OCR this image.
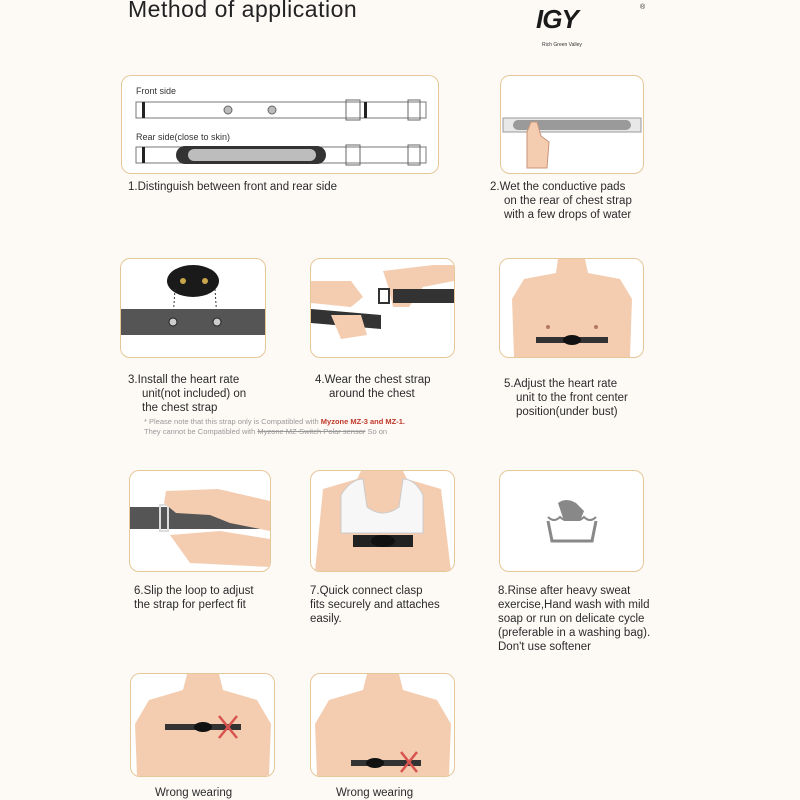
Method of application	IGY	®
Rich Green Valley
Front side
Rear side(close to skin)
1.Distinguish between front and rear side	2.Wet the conductive pads
on the rear of chest strap
with a few drops of water
3.Install the heart rate
unit(not included) on
the chest strap
* Please note that this strap only is Compatibled with Myzone MZ-3 and MZ-1.
They cannot be Compatibled with Myzone MZ-Switch Polar sensor So on
4.Wear the chest strap
around the chest
5.Adjust the heart rate
unit to the front center
position(under bust)
6.Slip the loop to adjust
the strap for perfect fit
7.Quick connect clasp
fits securely and attaches
easily.
8.Rinse after heavy sweat
exercise,Hand wash with mild
soap or run on delicate cycle
(preferable in a washing bag).
Don't use softener
Wrong wearing	Wrong wearing
